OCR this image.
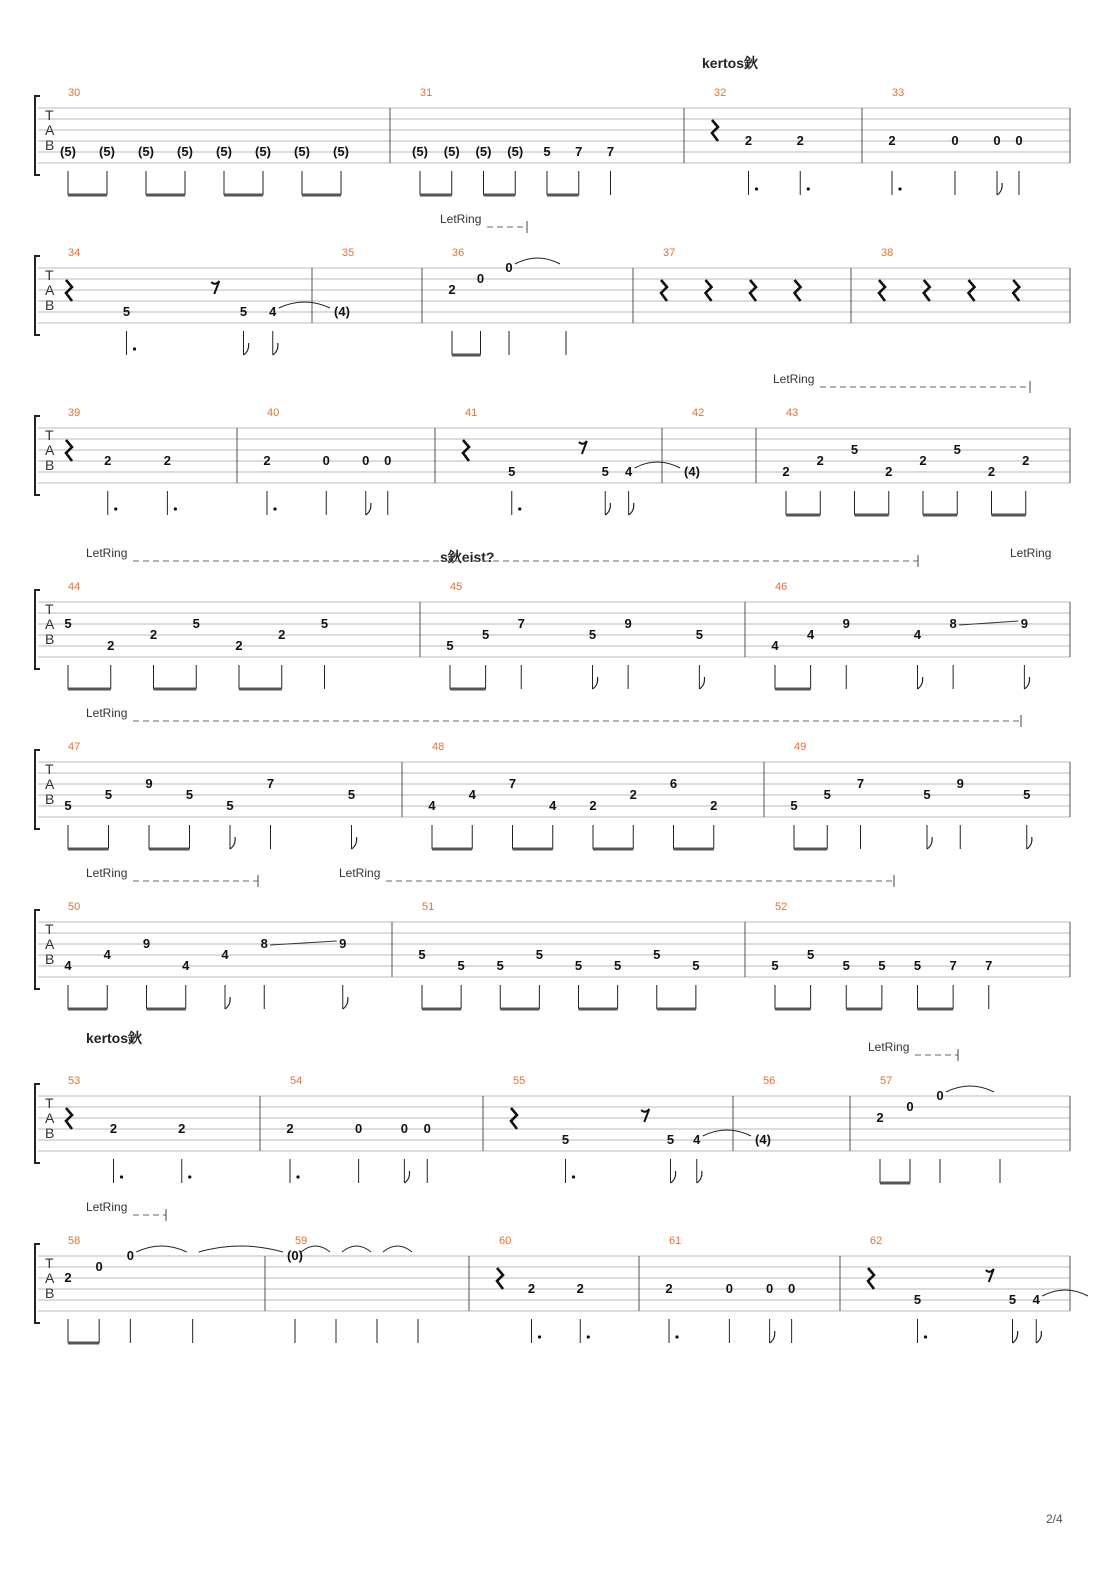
kertos鈥
s鈥eist?
kertos鈥
T
A
B
30
(5) (5) (5) (5) (5) (5) (5) (5)
31
(5) (5) (5) (5) 5 7 7
32
2	2
33
2	0	0 0
T
A
B
34
5	5 4
35
(4)
36
2
0
0
37	38
T
A
B
39
2	2
40
2	0 0 0
41
5	5 4
42
(4)
43
2
2
5
2
2
5
2
2
T
A
B
44
5
2
2
5
2
2
5
45
5
5
7
5
9
5
46
4
4
9
4
8	9
T
A
B
47
5
5
9
5
5
7
5
48
4
4
7
4	2
2
6
2
49
5
5
7
5
9
5
T
A
B
50
4
4
9
4
4
8	9
51
5
5 5
5
5 5
5
5
52
5
5
5 5 5 7 7
T
A
B
53
2	2
54
2	0	0 0
55
5	5 4
56
(4)
57
2
0
0
T
A
B
58
2
0
0
59
(0)
60
2	2
61
2	0	0 0
62
5	5 4
LetRing
LetRing
LetRing	LetRing
LetRing
LetRing	LetRing
LetRing
LetRing
2/4
